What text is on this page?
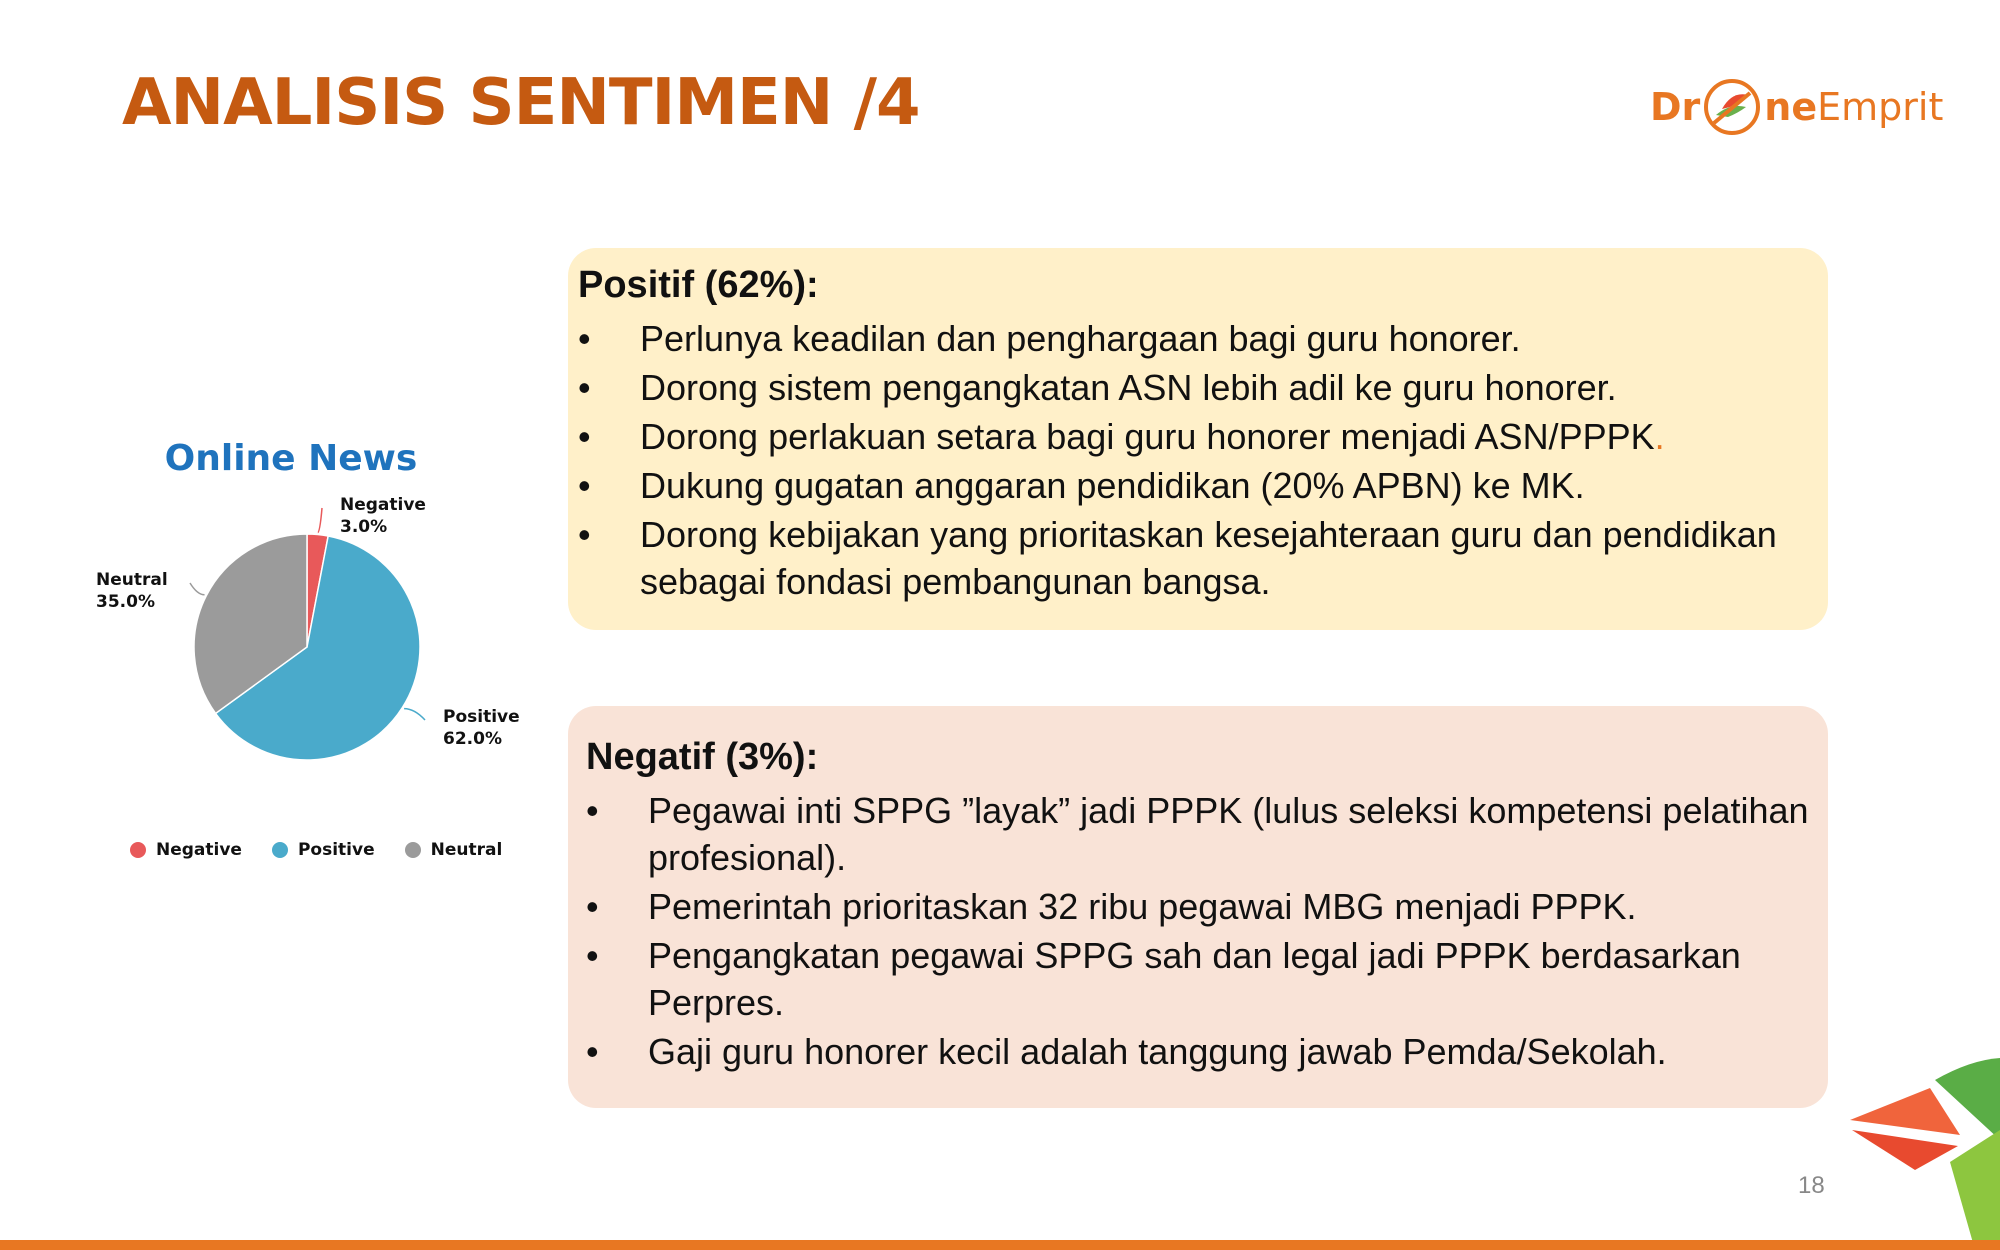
ANALISIS SENTIMEN /4	Dr ne Emprit
Online News
Negative
3.0%
Positive
62.0%
Neutral
35.0%
Negative	Positive	Neutral

Positif (62%):

• Perlunya keadilan dan penghargaan bagi guru honorer.
• Dorong sistem pengangkatan ASN lebih adil ke guru honorer.
• Dorong perlakuan setara bagi guru honorer menjadi ASN/PPPK.
• Dukung gugatan anggaran pendidikan (20% APBN) ke MK.
• Dorong kebijakan yang prioritaskan kesejahteraan guru dan pendidikan sebagai fondasi pembangunan bangsa.

Negatif (3%):

• Pegawai inti SPPG ”layak” jadi PPPK (lulus seleksi kompetensi pelatihan profesional).
• Pemerintah prioritaskan 32 ribu pegawai MBG menjadi PPPK.
• Pengangkatan pegawai SPPG sah dan legal jadi PPPK berdasarkan Perpres.
• Gaji guru honorer kecil adalah tanggung jawab Pemda/Sekolah.
18
